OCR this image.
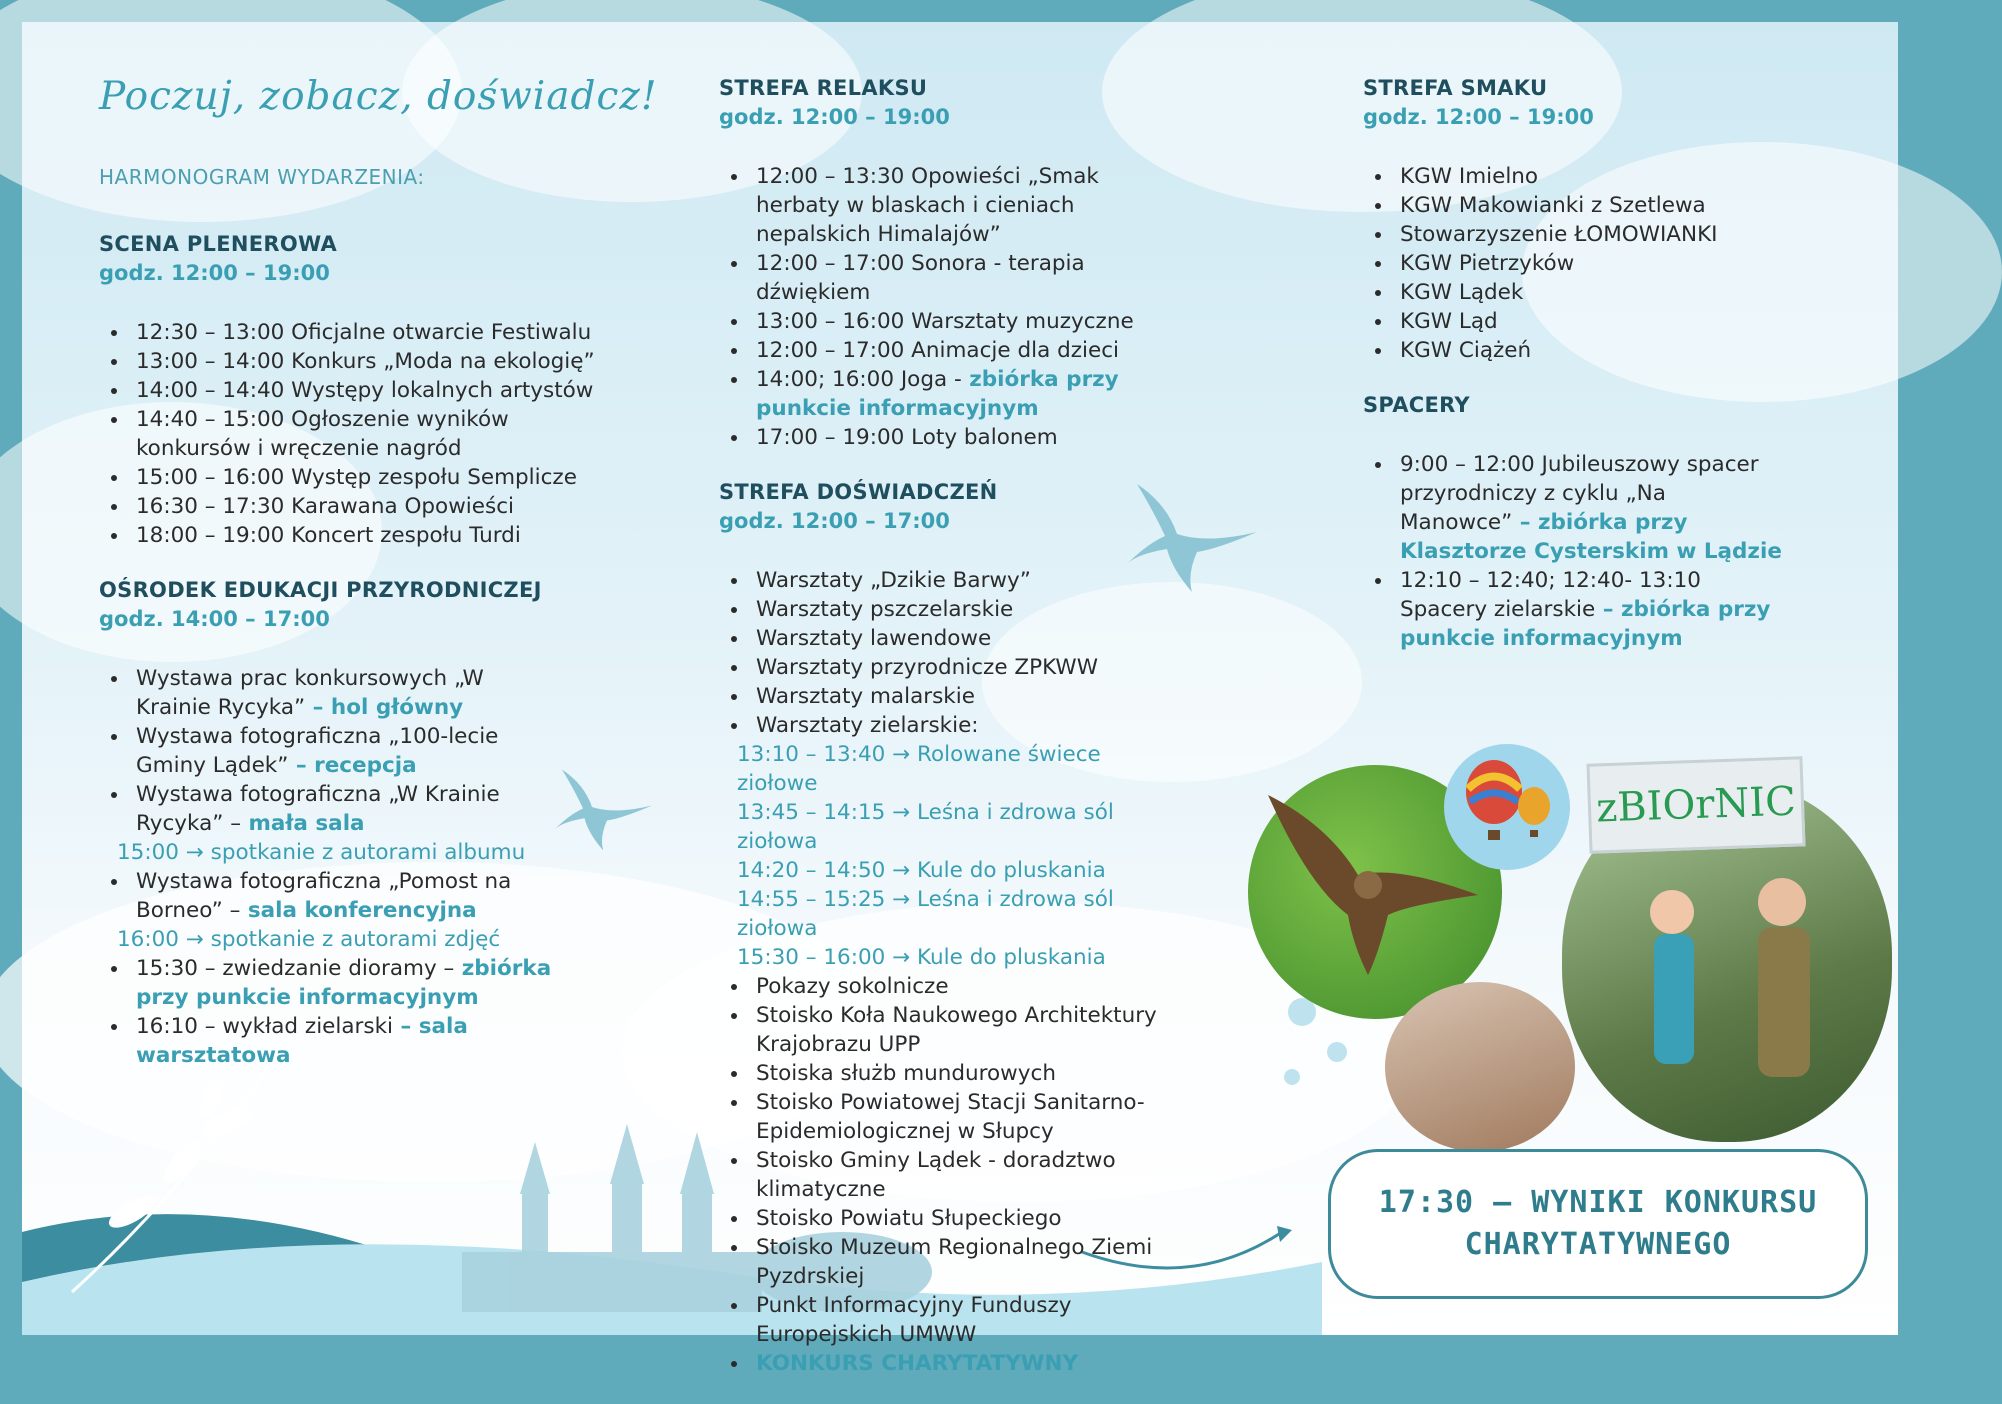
Poczuj, zobacz, doświadcz!
HARMONOGRAM WYDARZENIA:
SCENA PLENEROWA
godz. 12:00 – 19:00
12:30 – 13:00 Oficjalne otwarcie Festiwalu
13:00 – 14:00 Konkurs „Moda na ekologię”
14:00 – 14:40 Występy lokalnych artystów
14:40 – 15:00 Ogłoszenie wyników konkursów i wręczenie nagród
15:00 – 16:00 Występ zespołu Semplicze
16:30 – 17:30 Karawana Opowieści
18:00 – 19:00 Koncert zespołu Turdi
OŚRODEK EDUKACJI PRZYRODNICZEJ
godz. 14:00 – 17:00
Wystawa prac konkursowych „W Krainie Rycyka” – hol główny
Wystawa fotograficzna „100-lecie Gminy Lądek” – recepcja
Wystawa fotograficzna „W Krainie Rycyka” – mała sala
15:00 → spotkanie z autorami albumu
Wystawa fotograficzna „Pomost na Borneo” – sala konferencyjna
16:00 → spotkanie z autorami zdjęć
15:30 – zwiedzanie dioramy – zbiórka przy punkcie informacyjnym
16:10 – wykład zielarski – sala warsztatowa
STREFA RELAKSU
godz. 12:00 – 19:00
12:00 – 13:30 Opowieści „Smak herbaty w blaskach i cieniach nepalskich Himalajów”
12:00 – 17:00 Sonora - terapia dźwiękiem
13:00 – 16:00 Warsztaty muzyczne
12:00 – 17:00 Animacje dla dzieci
14:00; 16:00 Joga - zbiórka przy punkcie informacyjnym
17:00 – 19:00 Loty balonem
STREFA DOŚWIADCZEŃ
godz. 12:00 – 17:00
Warsztaty „Dzikie Barwy”
Warsztaty pszczelarskie
Warsztaty lawendowe
Warsztaty przyrodnicze ZPKWW
Warsztaty malarskie
Warsztaty zielarskie:
13:10 – 13:40 → Rolowane świece ziołowe
13:45 – 14:15 → Leśna i zdrowa sól ziołowa
14:20 – 14:50 → Kule do pluskania
14:55 – 15:25 → Leśna i zdrowa sól ziołowa
15:30 – 16:00 → Kule do pluskania
Pokazy sokolnicze
Stoisko Koła Naukowego Architektury Krajobrazu UPP
Stoiska służb mundurowych
Stoisko Powiatowej Stacji Sanitarno-Epidemiologicznej w Słupcy
Stoisko Gminy Lądek - doradztwo klimatyczne
Stoisko Powiatu Słupeckiego
Stoisko Muzeum Regionalnego Ziemi Pyzdrskiej
Punkt Informacyjny Funduszy Europejskich UMWW
KONKURS CHARYTATYWNY
STREFA SMAKU
godz. 12:00 – 19:00
KGW Imielno
KGW Makowianki z Szetlewa
Stowarzyszenie ŁOMOWIANKI
KGW Pietrzyków
KGW Lądek
KGW Ląd
KGW Ciążeń
SPACERY
9:00 – 12:00 Jubileuszowy spacer przyrodniczy z cyklu „Na Manowce” – zbiórka przy Klasztorze Cysterskim w Lądzie
12:10 – 12:40; 12:40- 13:10 Spacery zielarskie – zbiórka przy punkcie informacyjnym
zBIOrNIC
17:30 – WYNIKI KONKURSU CHARYTATYWNEGO
